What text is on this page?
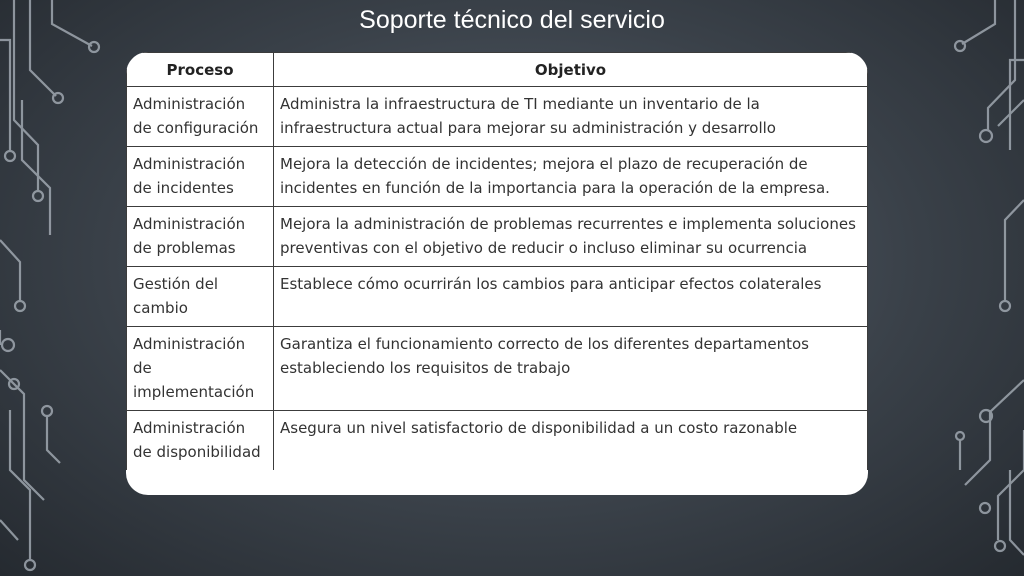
Soporte técnico del servicio
Proceso	Objetivo
Administración de configuración	Administra la infraestructura de TI mediante un inventario de la infraestructura actual para mejorar su administración y desarrollo
Administración de incidentes	Mejora la detección de incidentes; mejora el plazo de recuperación de incidentes en función de la importancia para la operación de la empresa.
Administración de problemas	Mejora la administración de problemas recurrentes e implementa soluciones preventivas con el objetivo de reducir o incluso eliminar su ocurrencia
Gestión del cambio	Establece cómo ocurrirán los cambios para anticipar efectos colaterales
Administración de implementación	Garantiza el funcionamiento correcto de los diferentes departamentos estableciendo los requisitos de trabajo
Administración de disponibilidad	Asegura un nivel satisfactorio de disponibilidad a un costo razonable
